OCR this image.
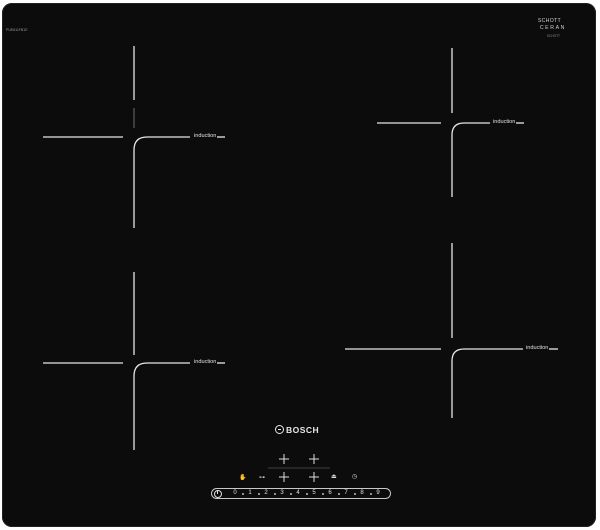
PUE611FB1E
SCHOTT
CERAN
SCHOTT
induction
induction
induction
induction
BOSCH
✋ ⊶	⏏	◷
0	1	2	3	4	5	6	7	8	9
